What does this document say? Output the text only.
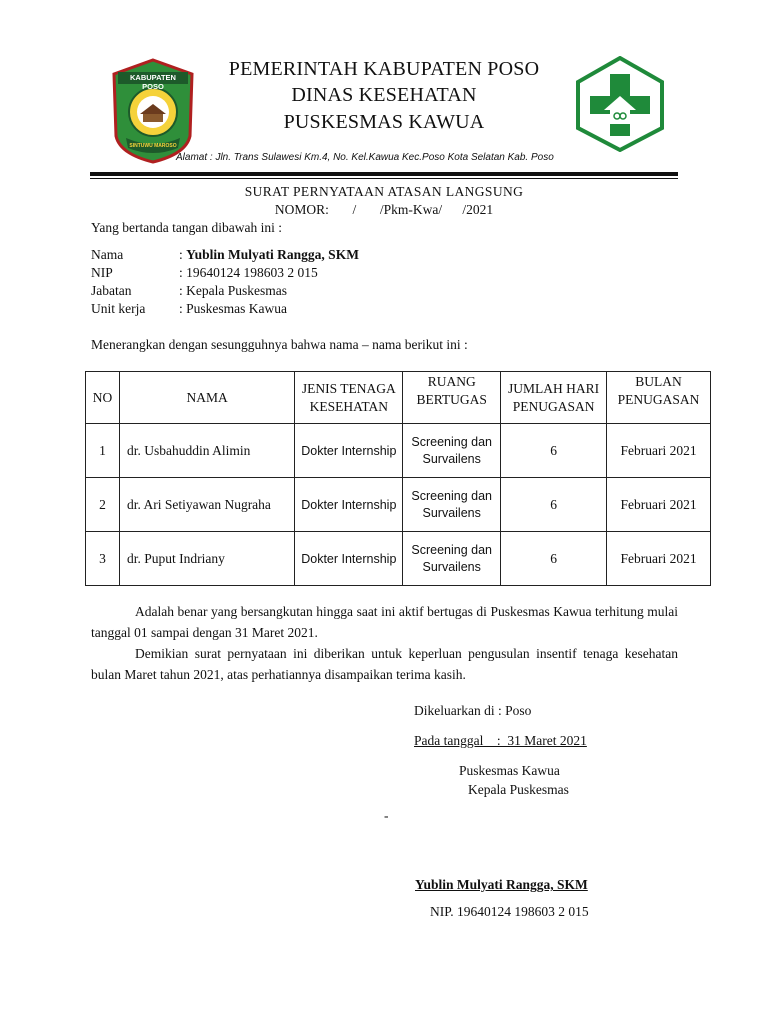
KABUPATEN POSO
SINTUWU MAROSO
PEMERINTAH KABUPATEN POSO
DINAS KESEHATAN
PUSKESMAS KAWUA
Alamat : Jln. Trans Sulawesi Km.4, No. Kel.Kawua Kec.Poso Kota Selatan Kab. Poso
SURAT PERNYATAAN ATASAN LANGSUNG
NOMOR:       /       /Pkm-Kwa/      /2021
Yang bertanda tangan dibawah ini :
Nama	: Yublin Mulyati Rangga, SKM
NIP	: 19640124 198603 2 015
Jabatan	: Kepala Puskesmas
Unit kerja	: Puskesmas Kawua
Menerangkan dengan sesungguhnya bahwa nama – nama berikut ini :
NO	NAMA	JENIS TENAGA KESEHATAN	RUANG BERTUGAS	JUMLAH HARI PENUGASAN	BULAN PENUGASAN
1	dr. Usbahuddin Alimin	Dokter Internship	Screening dan Survailens	6	Februari 2021
2	dr. Ari Setiyawan Nugraha	Dokter Internship	Screening dan Survailens	6	Februari 2021
3	dr. Puput Indriany	Dokter Internship	Screening dan Survailens	6	Februari 2021
Adalah benar yang bersangkutan hingga saat ini aktif bertugas di Puskesmas Kawua terhitung mulai tanggal 01 sampai dengan 31 Maret 2021.
Demikian surat pernyataan ini diberikan untuk keperluan pengusulan insentif tenaga kesehatan bulan Maret tahun 2021, atas perhatiannya disampaikan terima kasih.
Dikeluarkan di : Poso
Pada tanggal    :  31 Maret 2021
Puskesmas Kawua
Kepala Puskesmas
-
Yublin Mulyati Rangga, SKM
NIP. 19640124 198603 2 015
